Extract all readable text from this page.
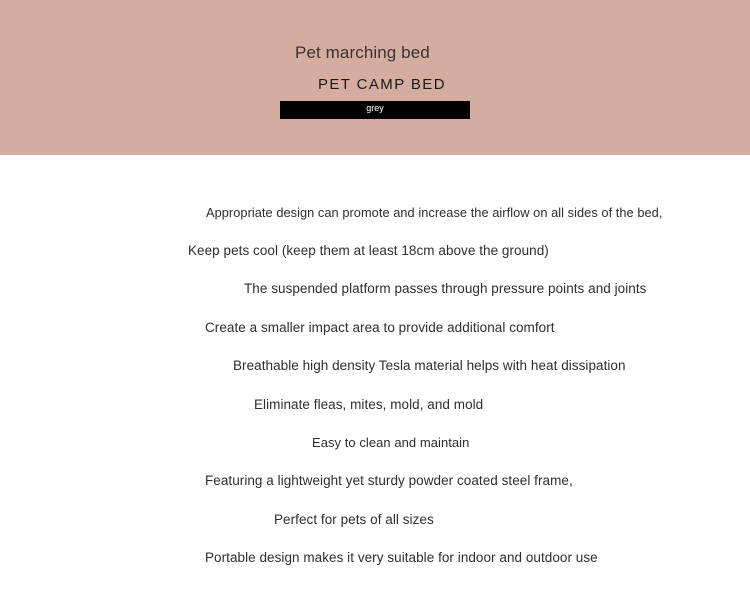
Pet marching bed
PET CAMP BED
grey
Appropriate design can promote and increase the airflow on all sides of the bed,
Keep pets cool (keep them at least 18cm above the ground)
The suspended platform passes through pressure points and joints
Create a smaller impact area to provide additional comfort
Breathable high density Tesla material helps with heat dissipation
Eliminate fleas, mites, mold, and mold
Easy to clean and maintain
Featuring a lightweight yet sturdy powder coated steel frame,
Perfect for pets of all sizes
Portable design makes it very suitable for indoor and outdoor use
